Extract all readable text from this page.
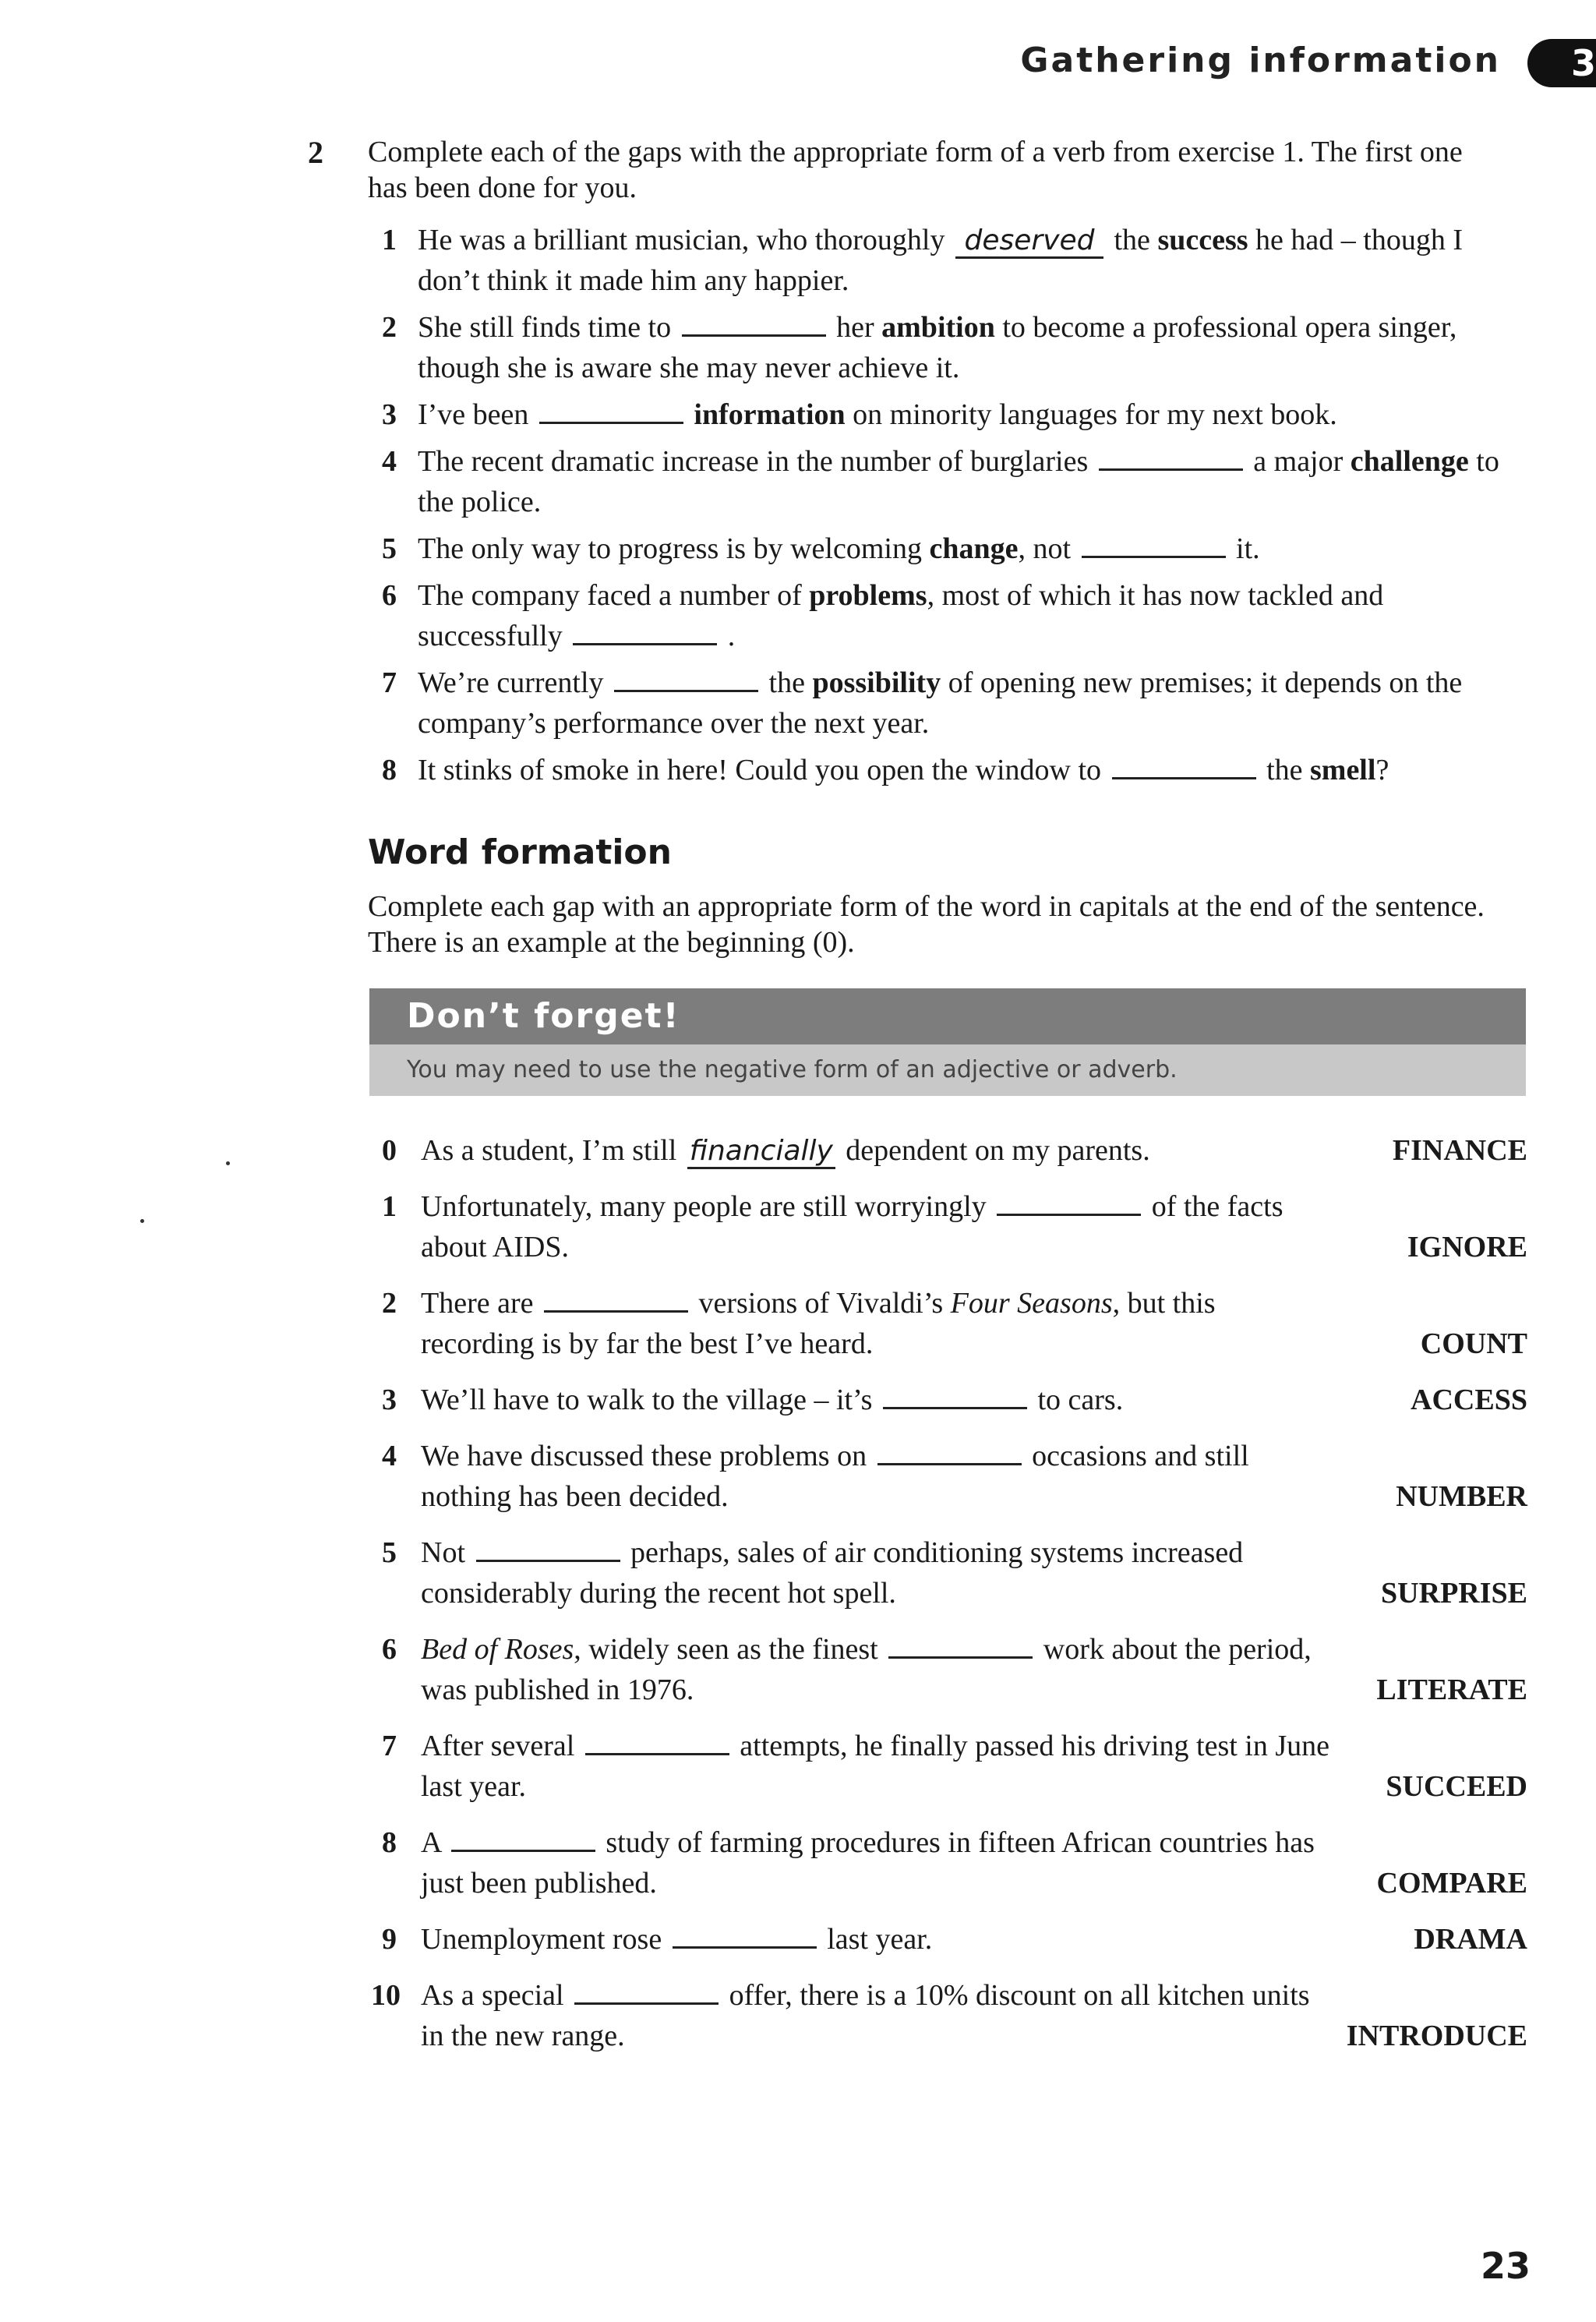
Gathering information 3
2 Complete each of the gaps with the appropriate form of a verb from exercise 1. The first one has been done for you.
1 He was a brilliant musician, who thoroughly deserved the success he had – though I don’t think it made him any happier.
2 She still finds time to	her ambition to become a professional opera singer, though she is aware she may never achieve it.
3 I’ve been	information on minority languages for my next book.
4 The recent dramatic increase in the number of burglaries	a major challenge to the police.
5 The only way to progress is by welcoming change, not	it.
6 The company faced a number of problems, most of which it has now tackled and successfully	.
7 We’re currently	the possibility of opening new premises; it depends on the company’s performance over the next year.
8 It stinks of smoke in here! Could you open the window to	the smell?
Word formation
Complete each gap with an appropriate form of the word in capitals at the end of the sentence. There is an example at the beginning (0).
Don’t forget!
You may need to use the negative form of an adjective or adverb.
0 As a student, I’m still financially dependent on my parents.	FINANCE
1 Unfortunately, many people are still worryingly	of the facts about AIDS.	IGNORE
2 There are	versions of Vivaldi’s Four Seasons, but this recording is by far the best I’ve heard.	COUNT
3 We’ll have to walk to the village – it’s	to cars.	ACCESS
4 We have discussed these problems on	occasions and still nothing has been decided.	NUMBER
5 Not	perhaps, sales of air conditioning systems increased considerably during the recent hot spell.	SURPRISE
6 Bed of Roses, widely seen as the finest	work about the period, was published in 1976.	LITERATE
7 After several	attempts, he finally passed his driving test in June last year.	SUCCEED
8 A	study of farming procedures in fifteen African countries has just been published.	COMPARE
9 Unemployment rose	last year.	DRAMA
10 As a special	offer, there is a 10% discount on all kitchen units in the new range.	INTRODUCE
23
